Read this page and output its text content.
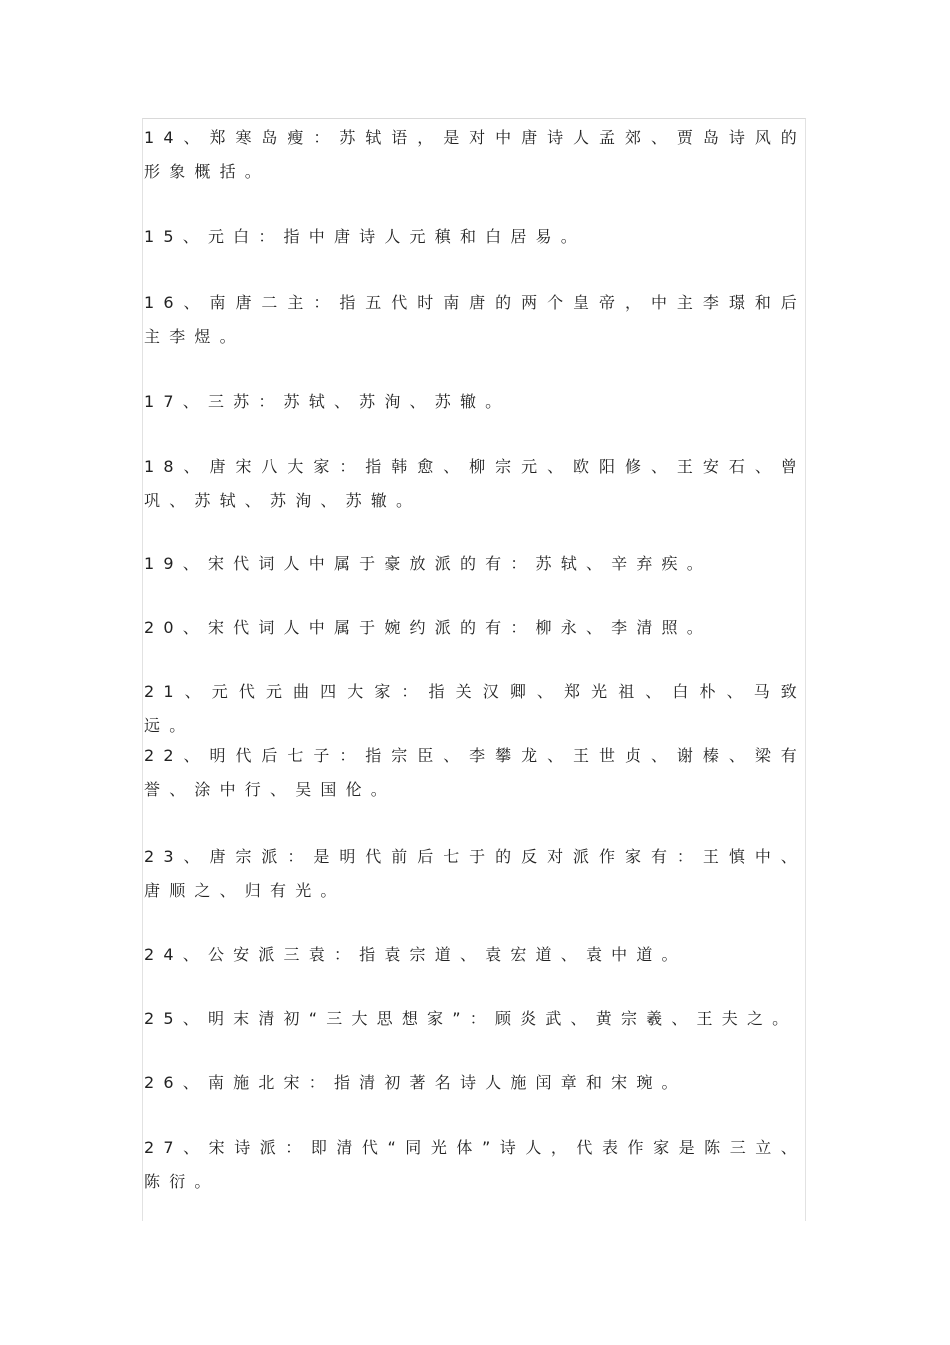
14、郑寒岛瘦：苏轼语，是对中唐诗人孟郊、贾岛诗风的形象概括。

15、元白：指中唐诗人元稹和白居易。

16、南唐二主：指五代时南唐的两个皇帝，中主李璟和后主李煜。

17、三苏：苏轼、苏洵、苏辙。

18、唐宋八大家：指韩愈、柳宗元、欧阳修、王安石、曾巩、苏轼、苏洵、苏辙。

19、宋代词人中属于豪放派的有：苏轼、辛弃疾。

20、宋代词人中属于婉约派的有：柳永、李清照。

21、元代元曲四大家：指关汉卿、郑光祖、白朴、马致远。

22、明代后七子：指宗臣、李攀龙、王世贞、谢榛、梁有誉、涂中行、吴国伦。

23、唐宗派：是明代前后七于的反对派作家有：王慎中、唐顺之、归有光。

24、公安派三袁：指袁宗道、袁宏道、袁中道。

25、明末清初“三大思想家”：顾炎武、黄宗羲、王夫之。

26、南施北宋：指清初著名诗人施闰章和宋琬。

27、宋诗派：即清代“同光体”诗人，代表作家是陈三立、陈衍。
